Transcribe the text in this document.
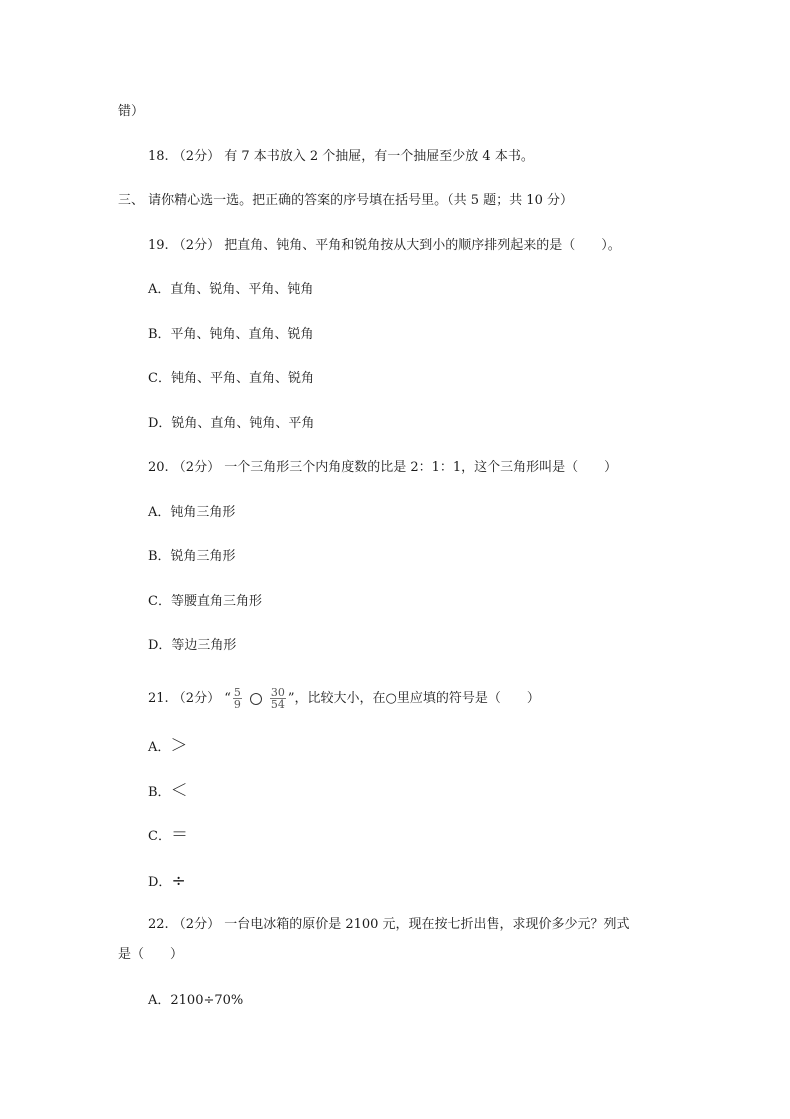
错）
18. （2分） 有 7 本书放入 2 个抽屉，有一个抽屉至少放 4 本书。
三、 请你精心选一选。把正确的答案的序号填在括号里。（共 5 题；共 10 分）
19. （2分） 把直角、钝角、平角和锐角按从大到小的顺序排列起来的是（　　）。
A．直角、锐角、平角、钝角
B．平角、钝角、直角、锐角
C．钝角、平角、直角、锐角
D．锐角、直角、钝角、平角
20. （2分） 一个三角形三个内角度数的比是 2：1：1，这个三角形叫是（　　）
A．钝角三角形
B．锐角三角形
C．等腰直角三角形
D．等边三角形
21. （2分） “ $\frac{5}{9}$	$\frac{30}{54}$ ”，比较大小，在○里应填的符号是（　　）
A．＞
B．＜
C．＝
D．÷
22. （2分） 一台电冰箱的原价是 2100 元，现在按七折出售，求现价多少元？列式
是（　　）
A．2100÷70%
